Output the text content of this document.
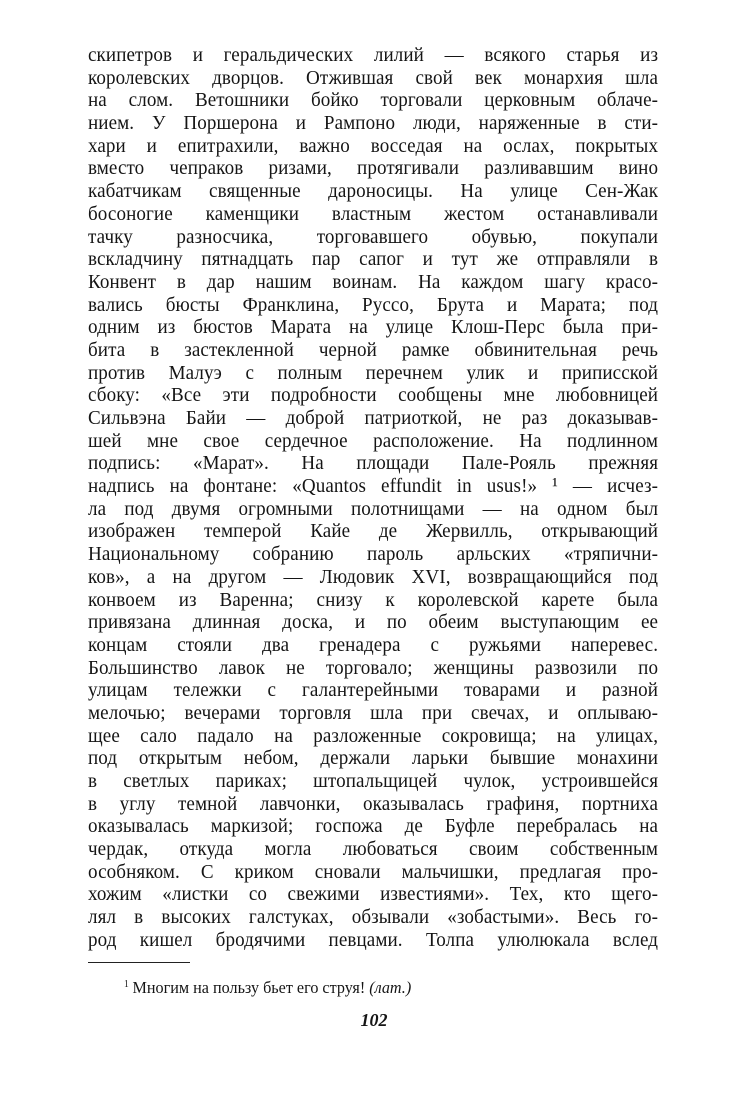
скипетров и геральдических лилий — всякого старья из
королевских дворцов. Отжившая свой век монархия шла
на слом. Ветошники бойко торговали церковным облаче-
нием. У Поршерона и Рампоно люди, наряженные в сти-
хари и епитрахили, важно восседая на ослах, покрытых
вместо чепраков ризами, протягивали разливавшим вино
кабатчикам священные дароносицы. На улице Сен-Жак
босоногие каменщики властным жестом останавливали
тачку разносчика, торговавшего обувью, покупали
вскладчину пятнадцать пар сапог и тут же отправляли в
Конвент в дар нашим воинам. На каждом шагу красо-
вались бюсты Франклина, Руссо, Брута и Марата; под
одним из бюстов Марата на улице Клош-Перс была при-
бита в застекленной черной рамке обвинительная речь
против Малуэ с полным перечнем улик и приписской
сбоку: «Все эти подробности сообщены мне любовницей
Сильвэна Байи — доброй патриоткой, не раз доказывав-
шей мне свое сердечное расположение. На подлинном
подпись: «Марат». На площади Пале-Рояль прежняя
надпись на фонтане: «Quantos effundit in usus!» ¹ — исчез-
ла под двумя огромными полотнищами — на одном был
изображен темперой Кайе де Жервилль, открывающий
Национальному собранию пароль арльских «тряпични-
ков», а на другом — Людовик XVI, возвращающийся под
конвоем из Варенна; снизу к королевской карете была
привязана длинная доска, и по обеим выступающим ее
концам стояли два гренадера с ружьями наперевес.
Большинство лавок не торговало; женщины развозили по
улицам тележки с галантерейными товарами и разной
мелочью; вечерами торговля шла при свечах, и оплываю-
щее сало падало на разложенные сокровища; на улицах,
под открытым небом, держали ларьки бывшие монахини
в светлых париках; штопальщицей чулок, устроившейся
в углу темной лавчонки, оказывалась графиня, портниха
оказывалась маркизой; госпожа де Буфле перебралась на
чердак, откуда могла любоваться своим собственным
особняком. С криком сновали мальчишки, предлагая про-
хожим «листки со свежими известиями». Тех, кто щего-
лял в высоких галстуках, обзывали «зобастыми». Весь го-
род кишел бродячими певцами. Толпа улюлюкала вслед
$^1$ Многим на пользу бьет его струя! (лат.)
102
